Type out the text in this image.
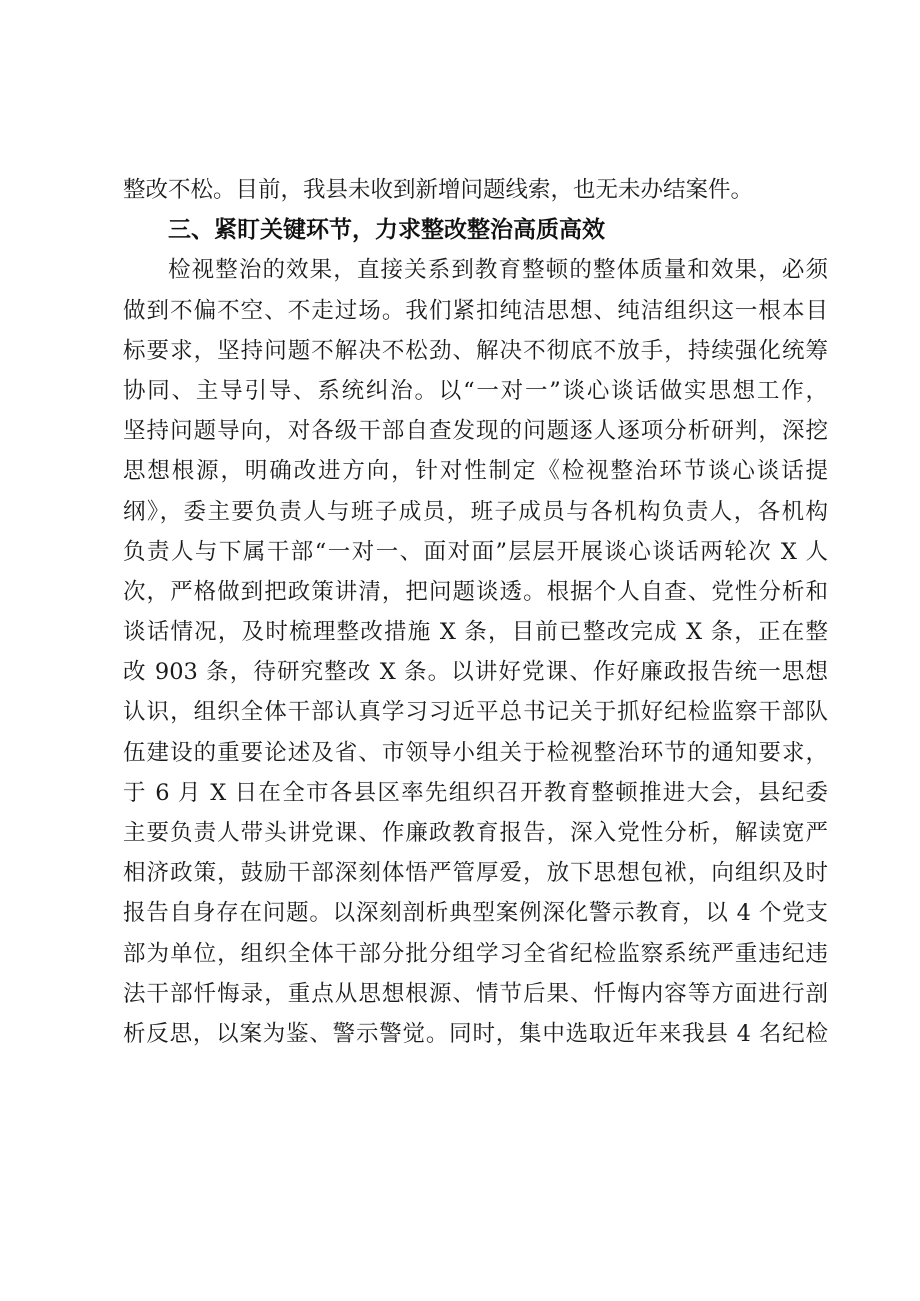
整改不松。目前，我县未收到新增问题线索，也无未办结案件。
三、紧盯关键环节，力求整改整治高质高效
检视整治的效果，直接关系到教育整顿的整体质量和效果，必须
做到不偏不空、不走过场。我们紧扣纯洁思想、纯洁组织这一根本目
标要求，坚持问题不解决不松劲、解决不彻底不放手，持续强化统筹
协同、主导引导、系统纠治。以“一对一”谈心谈话做实思想工作，
坚持问题导向，对各级干部自查发现的问题逐人逐项分析研判，深挖
思想根源，明确改进方向，针对性制定《检视整治环节谈心谈话提
纲》，委主要负责人与班子成员，班子成员与各机构负责人，各机构
负责人与下属干部“一对一、面对面”层层开展谈心谈话两轮次 X 人
次，严格做到把政策讲清，把问题谈透。根据个人自查、党性分析和
谈话情况，及时梳理整改措施 X 条，目前已整改完成 X 条，正在整
改 903 条，待研究整改 X 条。以讲好党课、作好廉政报告统一思想
认识，组织全体干部认真学习习近平总书记关于抓好纪检监察干部队
伍建设的重要论述及省、市领导小组关于检视整治环节的通知要求，
于 6 月 X 日在全市各县区率先组织召开教育整顿推进大会，县纪委
主要负责人带头讲党课、作廉政教育报告，深入党性分析，解读宽严
相济政策，鼓励干部深刻体悟严管厚爱，放下思想包袱，向组织及时
报告自身存在问题。以深刻剖析典型案例深化警示教育，以 4 个党支
部为单位，组织全体干部分批分组学习全省纪检监察系统严重违纪违
法干部忏悔录，重点从思想根源、情节后果、忏悔内容等方面进行剖
析反思，以案为鉴、警示警觉。同时，集中选取近年来我县 4 名纪检
